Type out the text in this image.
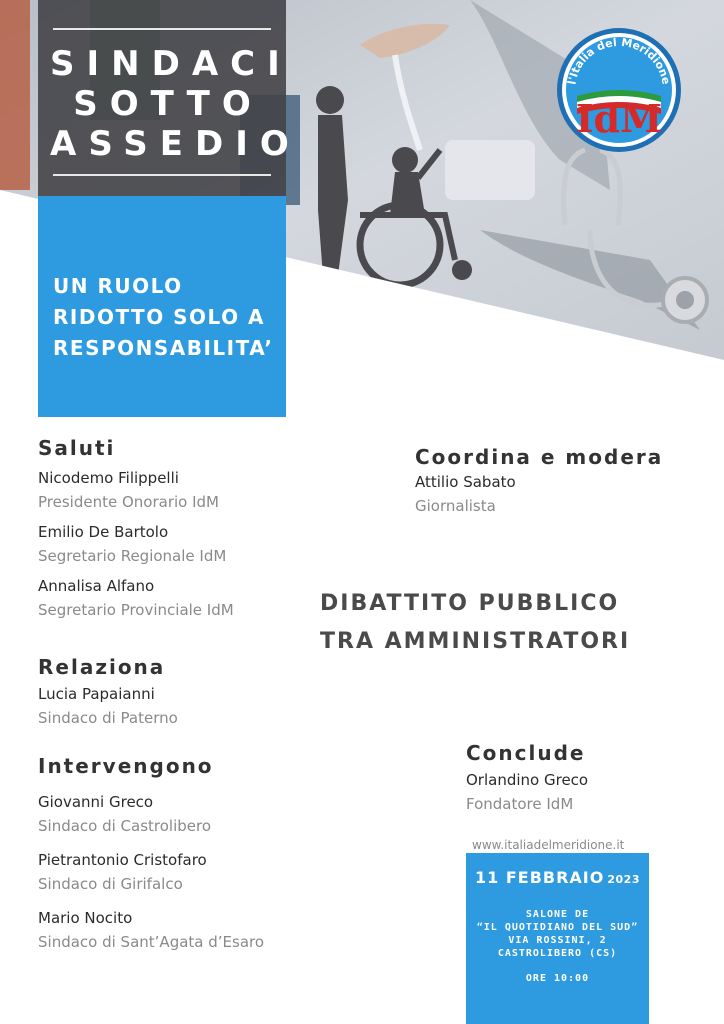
l'Italia del Meridione
IdM
SINDACI
SOTTO
ASSEDIO
UN RUOLO
RIDOTTO SOLO A
RESPONSABILITA’
Saluti
Nicodemo Filippelli
Presidente Onorario IdM
Emilio De Bartolo
Segretario Regionale IdM
Annalisa Alfano
Segretario Provinciale IdM
Coordina e modera
Attilio Sabato
Giornalista
DIBATTITO PUBBLICO
TRA AMMINISTRATORI
Relaziona
Lucia Papaianni
Sindaco di Paterno
Intervengono
Giovanni Greco
Sindaco di Castrolibero
Pietrantonio Cristofaro
Sindaco di Girifalco
Mario Nocito
Sindaco di Sant’Agata d’Esaro
Conclude
Orlandino Greco
Fondatore IdM
www.italiadelmeridione.it
11 FEBBRAIO 2023
SALONE DE
“IL QUOTIDIANO DEL SUD”
VIA ROSSINI, 2
CASTROLIBERO (CS)
ORE 10:00
